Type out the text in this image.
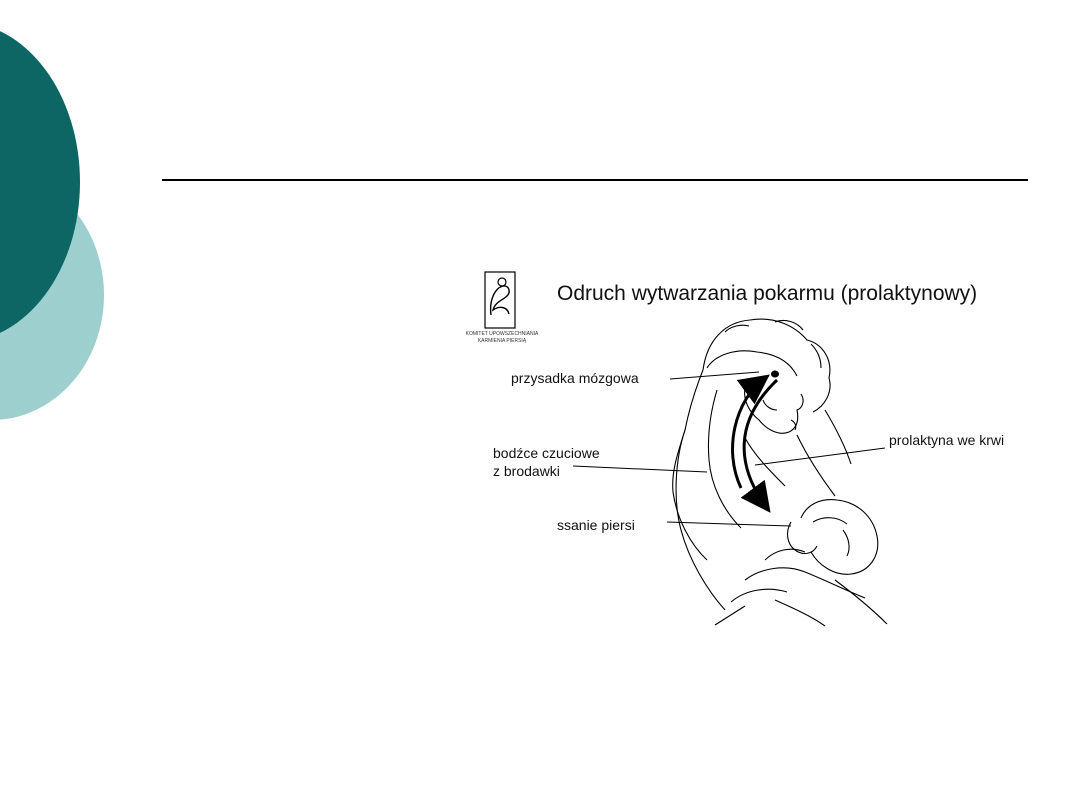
Odruch wytwarzania pokarmu (prolaktynowy)
KOMITET UPOWSZECHNIANIA
KARMIENIA PIERSIĄ
przysadka mózgowa
bodźce czuciowe
z brodawki
prolaktyna we krwi
ssanie piersi
